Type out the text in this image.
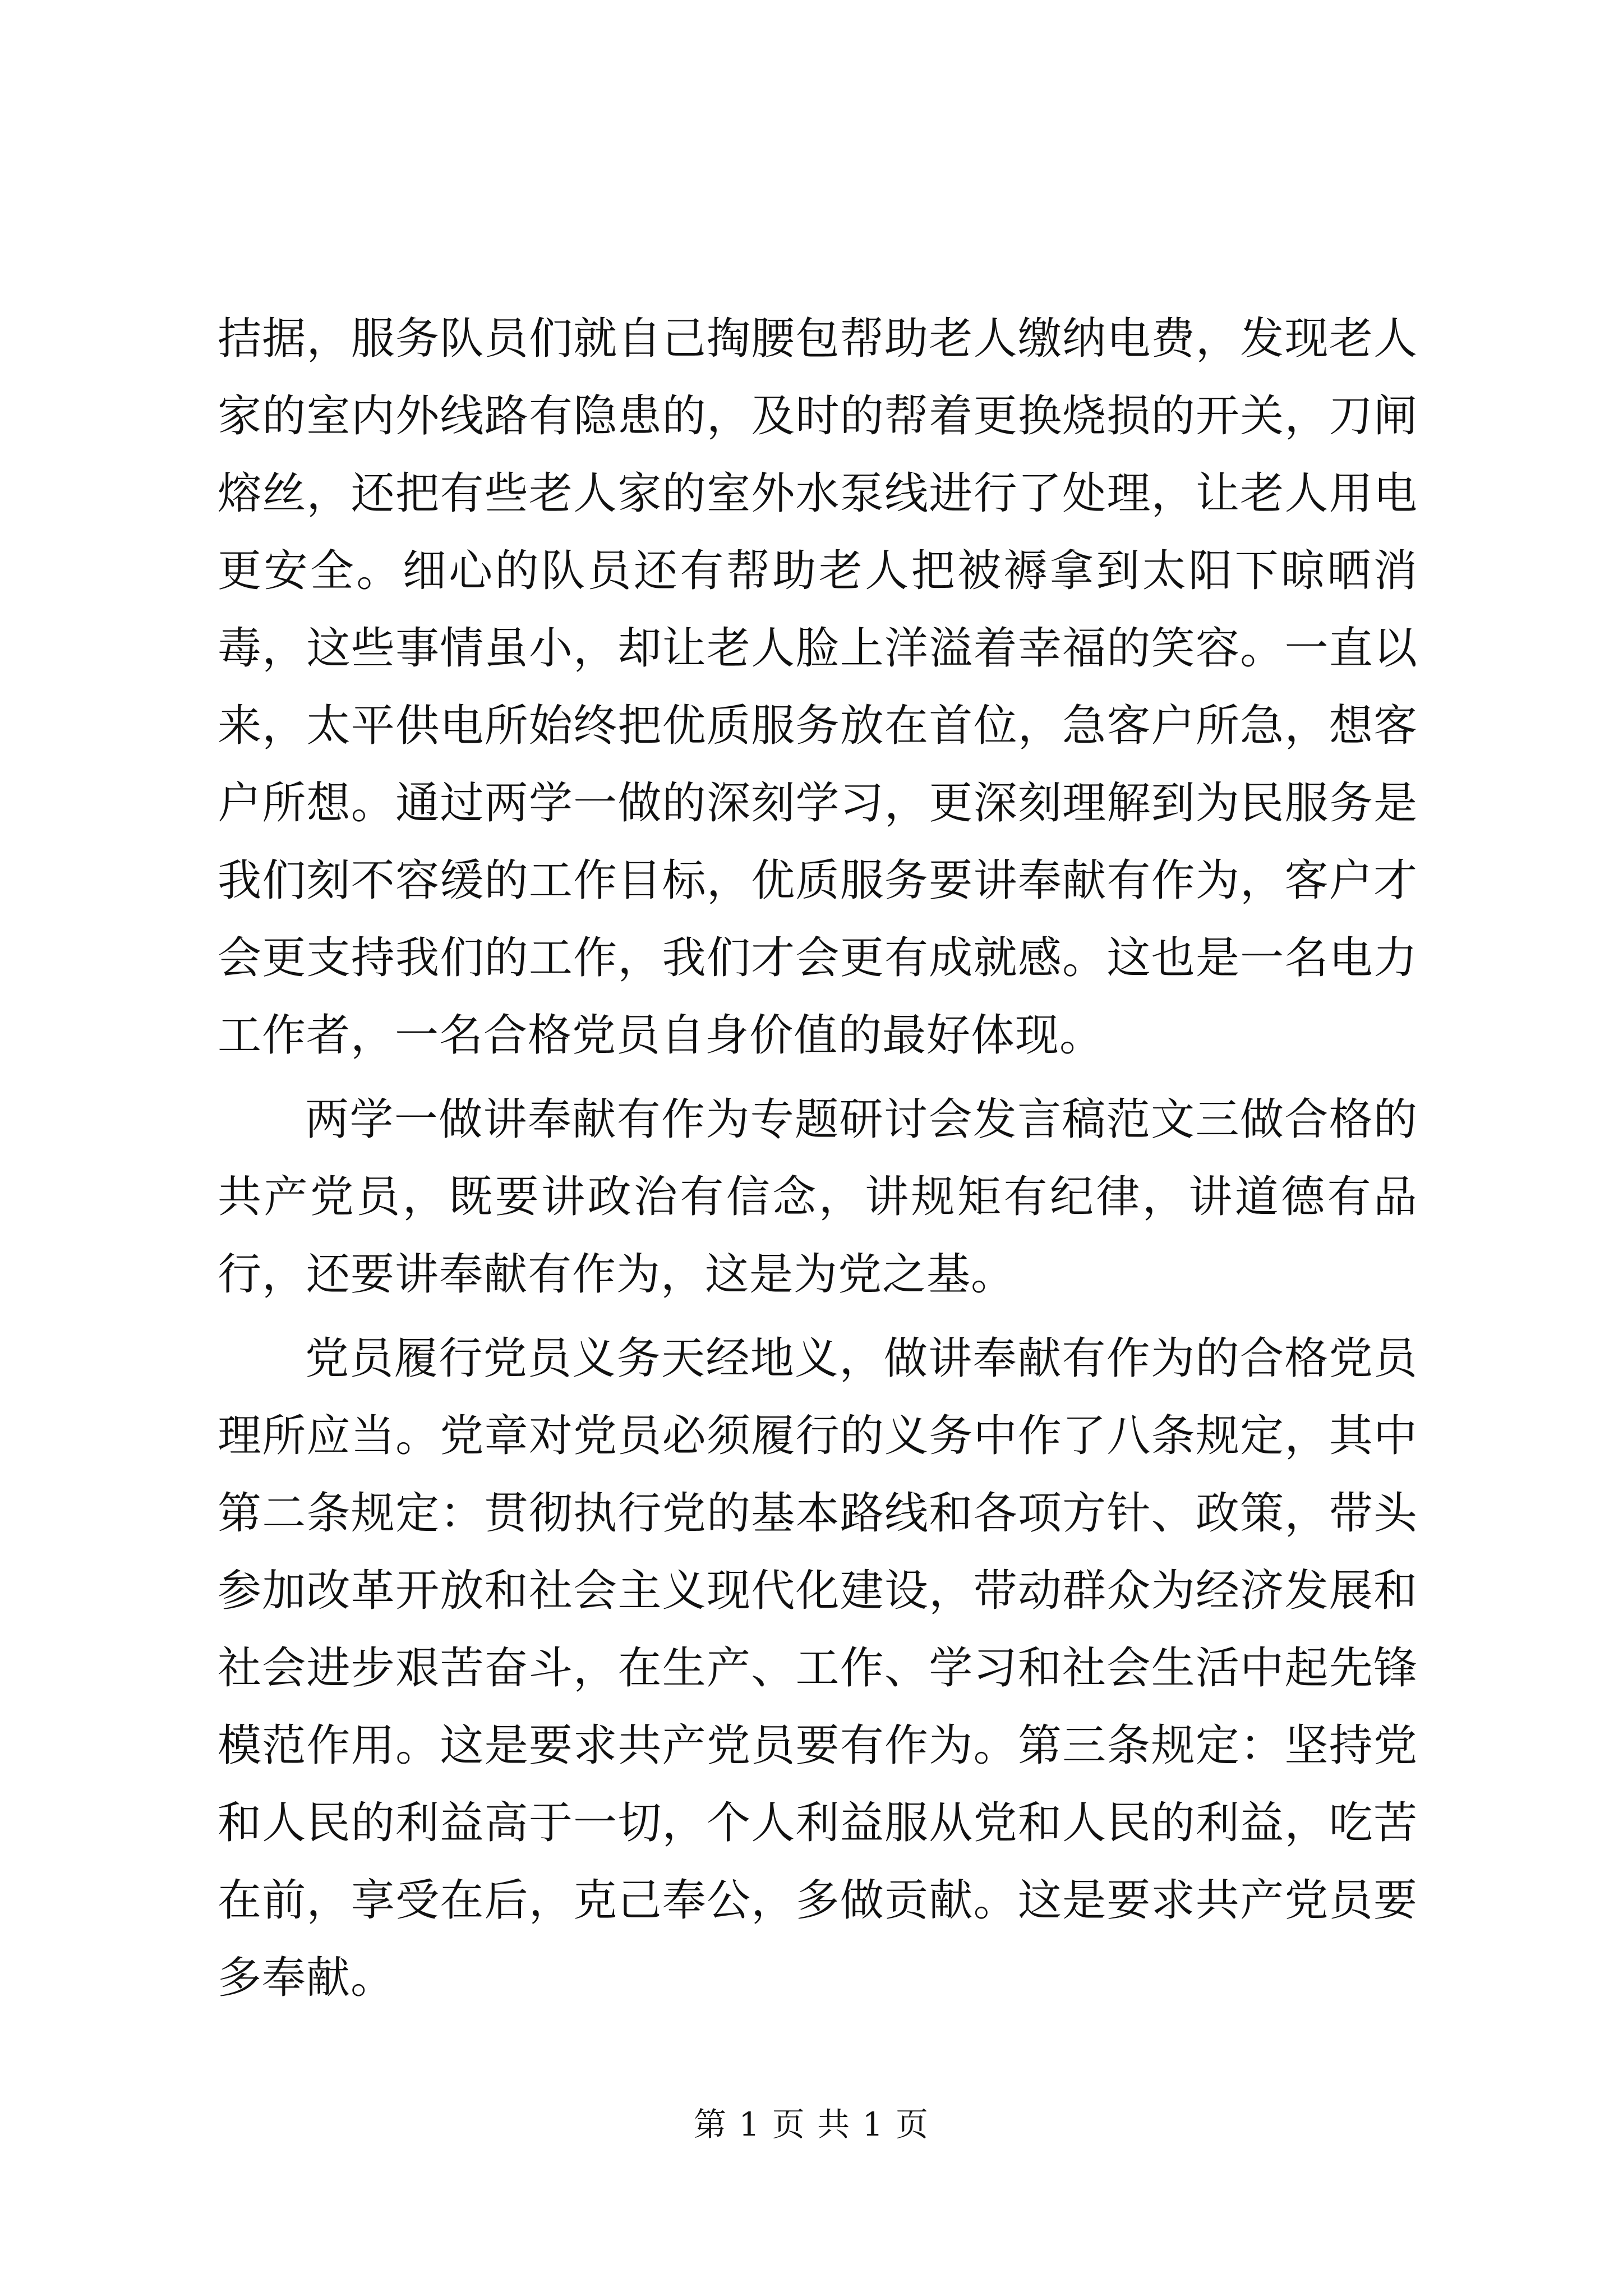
拮据，服务队员们就自己掏腰包帮助老人缴纳电费，发现老人家的室内外线路有隐患的，及时的帮着更换烧损的开关，刀闸熔丝，还把有些老人家的室外水泵线进行了处理，让老人用电更安全。细心的队员还有帮助老人把被褥拿到太阳下晾晒消毒，这些事情虽小，却让老人脸上洋溢着幸福的笑容。一直以来，太平供电所始终把优质服务放在首位，急客户所急，想客户所想。通过两学一做的深刻学习，更深刻理解到为民服务是我们刻不容缓的工作目标，优质服务要讲奉献有作为，客户才会更支持我们的工作，我们才会更有成就感。这也是一名电力工作者，一名合格党员自身价值的最好体现。

两学一做讲奉献有作为专题研讨会发言稿范文三做合格的共产党员，既要讲政治有信念，讲规矩有纪律，讲道德有品行，还要讲奉献有作为，这是为党之基。

党员履行党员义务天经地义，做讲奉献有作为的合格党员理所应当。党章对党员必须履行的义务中作了八条规定，其中第二条规定：贯彻执行党的基本路线和各项方针、政策，带头参加改革开放和社会主义现代化建设，带动群众为经济发展和社会进步艰苦奋斗，在生产、工作、学习和社会生活中起先锋模范作用。这是要求共产党员要有作为。第三条规定：坚持党和人民的利益高于一切，个人利益服从党和人民的利益，吃苦在前，享受在后，克己奉公，多做贡献。这是要求共产党员要多奉献。

第 1 页 共 1 页
